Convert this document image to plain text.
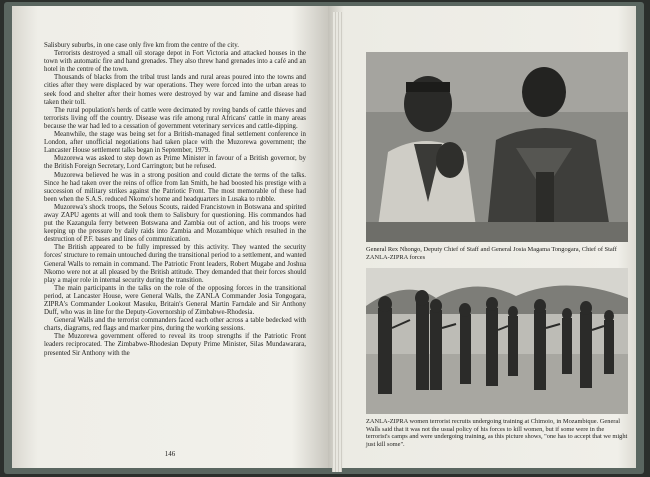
Salisbury suburbs, in one case only five km from the centre of the city.

Terrorists destroyed a small oil storage depot in Fort Victoria and attacked houses in the town with automatic fire and hand grenades. They also threw hand grenades into a café and an hotel in the centre of the town.

Thousands of blacks from the tribal trust lands and rural areas poured into the towns and cities after they were displaced by war operations. They were forced into the urban areas to seek food and shelter after their homes were destroyed by war and famine and disease had taken their toll.

The rural population's herds of cattle were decimated by roving bands of cattle thieves and terrorists living off the country. Disease was rife among rural Africans' cattle in many areas because the war had led to a cessation of government veterinary services and cattle-dipping.

Meanwhile, the stage was being set for a British-managed final settlement conference in London, after unofficial negotiations had taken place with the Muzorewa government; the Lancaster House settlement talks began in September, 1979.

Muzorewa was asked to step down as Prime Minister in favour of a British governor, by the British Foreign Secretary, Lord Carrington; but he refused.

Muzorewa believed he was in a strong position and could dictate the terms of the talks. Since he had taken over the reins of office from Ian Smith, he had boosted his prestige with a succession of military strikes against the Patriotic Front. The most memorable of these had been when the S.A.S. reduced Nkomo's home and headquarters in Lusaka to rubble.

Muzorewa's shock troops, the Selous Scouts, raided Francistown in Botswana and spirited away ZAPU agents at will and took them to Salisbury for questioning. His commandos had put the Kazangula ferry between Botswana and Zambia out of action, and his troops were keeping up the pressure by daily raids into Zambia and Mozambique which resulted in the destruction of P.F. bases and lines of communication.

The British appeared to be fully impressed by this activity. They wanted the security forces' structure to remain untouched during the transitional period to a settlement, and wanted General Walls to remain in command. The Patriotic Front leaders, Robert Mugabe and Joshua Nkomo were not at all pleased by the British attitude. They demanded that their forces should play a major role in internal security during the transition.

The main participants in the talks on the role of the opposing forces in the transitional period, at Lancaster House, were General Walls, the ZANLA Commander Josia Tongogara, ZIPRA's Commander Lookout Masuku, Britain's General Martin Farndale and Sir Anthony Duff, who was in line for the Deputy-Governorship of Zimbabwe-Rhodesia.

General Walls and the terrorist commanders faced each other across a table bedecked with charts, diagrams, red flags and marker pins, during the working sessions.

The Muzorewa government offered to reveal its troop strengths if the Patriotic Front leaders reciprocated. The Zimbabwe-Rhodesian Deputy Prime Minister, Silas Mundawarara, presented Sir Anthony with the

146
General Rex Nhongo, Deputy Chief of Staff and General Josia Magama Tongogara, Chief of Staff ZANLA-ZIPRA forces
ZANLA-ZIPRA women terrorist recruits undergoing training at Chimoio, in Mozambique. General Walls said that it was not the usual policy of his forces to kill women, but if some were in the terrorist's camps and were undergoing training, as this picture shows, "one has to accept that we might just kill some".
